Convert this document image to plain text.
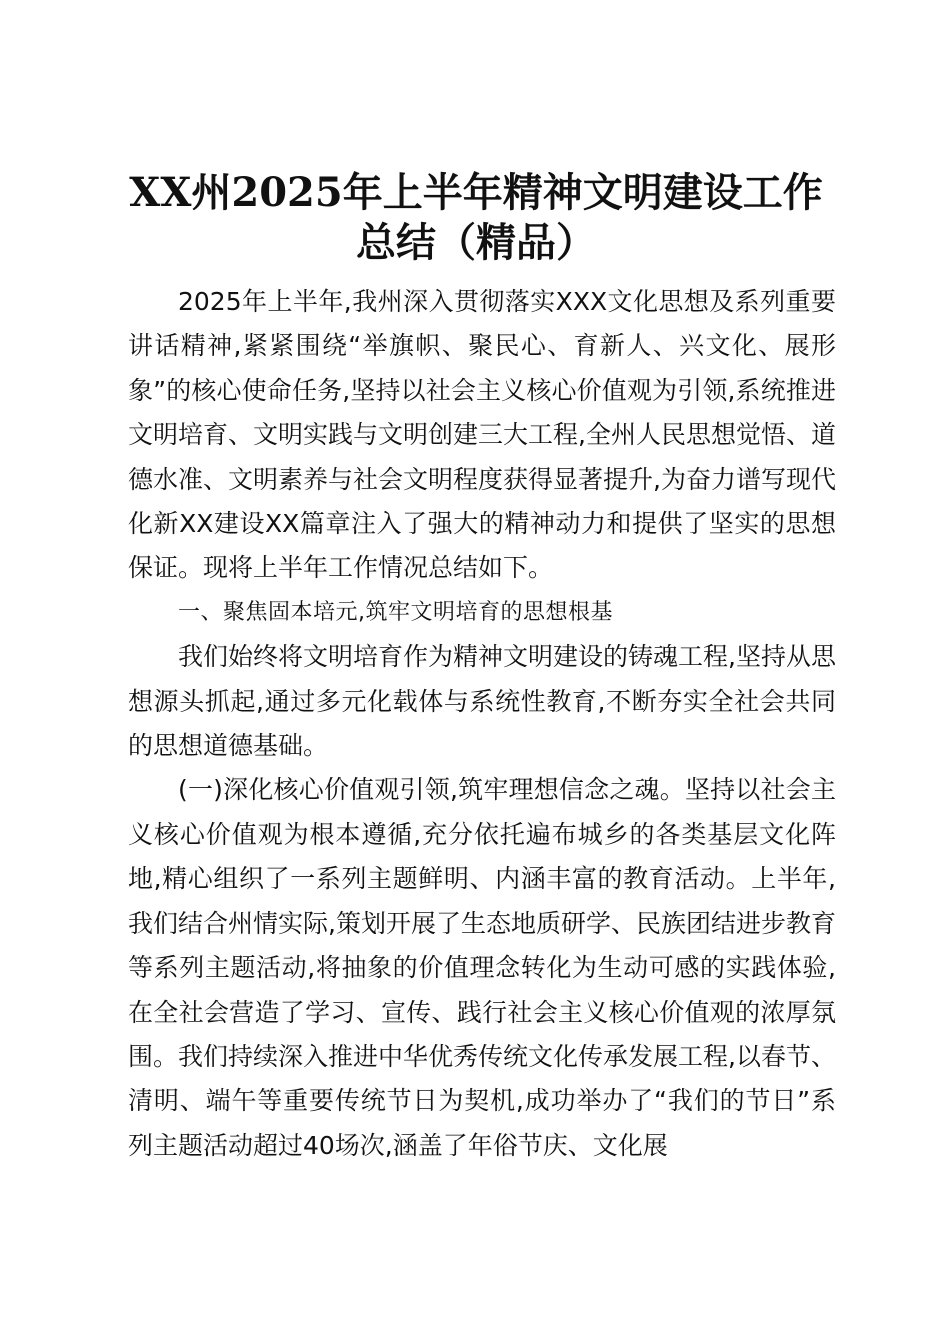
XX州2025年上半年精神文明建设工作总结（精品）

2025年上半年,我州深入贯彻落实XXX文化思想及系列重要讲话精神,紧紧围绕“举旗帜、聚民心、育新人、兴文化、展形象”的核心使命任务,坚持以社会主义核心价值观为引领,系统推进文明培育、文明实践与文明创建三大工程,全州人民思想觉悟、道德水准、文明素养与社会文明程度获得显著提升,为奋力谱写现代化新XX建设XX篇章注入了强大的精神动力和提供了坚实的思想保证。现将上半年工作情况总结如下。

一、聚焦固本培元,筑牢文明培育的思想根基

我们始终将文明培育作为精神文明建设的铸魂工程,坚持从思想源头抓起,通过多元化载体与系统性教育,不断夯实全社会共同的思想道德基础。

(一)深化核心价值观引领,筑牢理想信念之魂。坚持以社会主义核心价值观为根本遵循,充分依托遍布城乡的各类基层文化阵地,精心组织了一系列主题鲜明、内涵丰富的教育活动。上半年,我们结合州情实际,策划开展了生态地质研学、民族团结进步教育等系列主题活动,将抽象的价值理念转化为生动可感的实践体验,在全社会营造了学习、宣传、践行社会主义核心价值观的浓厚氛围。我们持续深入推进中华优秀传统文化传承发展工程,以春节、清明、端午等重要传统节日为契机,成功举办了“我们的节日”系列主题活动超过40场次,涵盖了年俗节庆、文化展
